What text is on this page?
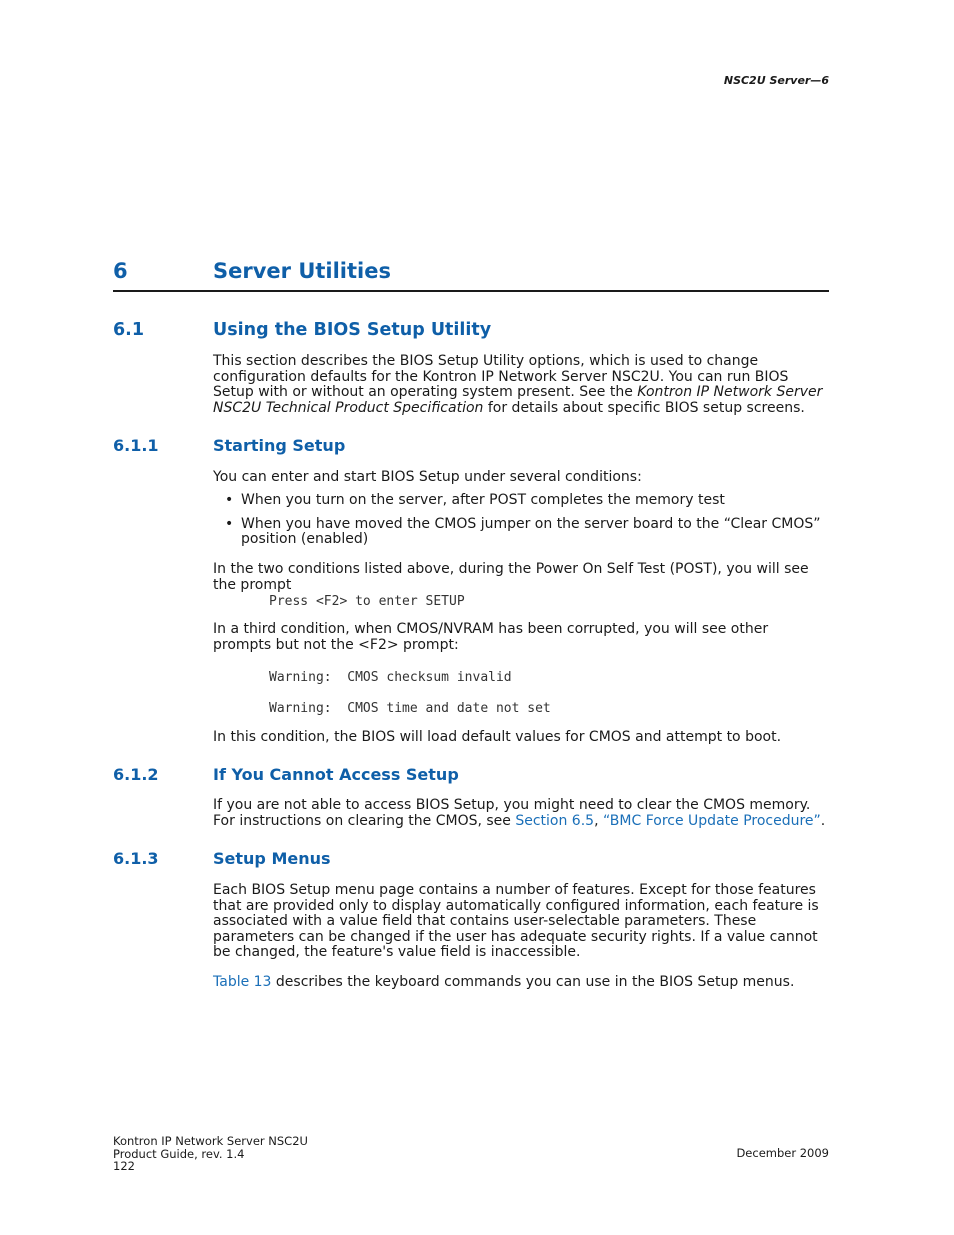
NSC2U Server—6
6	Server Utilities
6.1	Using the BIOS Setup Utility

This section describes the BIOS Setup Utility options, which is used to change configuration defaults for the Kontron IP Network Server NSC2U. You can run BIOS Setup with or without an operating system present. See the Kontron IP Network Server NSC2U Technical Product Specification for details about specific BIOS setup screens.

6.1.1	Starting Setup

You can enter and start BIOS Setup under several conditions:

• When you turn on the server, after POST completes the memory test
• When you have moved the CMOS jumper on the server board to the “Clear CMOS” position (enabled)

In the two conditions listed above, during the Power On Self Test (POST), you will see the prompt

Press <F2> to enter SETUP

In a third condition, when CMOS/NVRAM has been corrupted, you will see other prompts but not the <F2> prompt:

Warning:  CMOS checksum invalid
Warning:  CMOS time and date not set

In this condition, the BIOS will load default values for CMOS and attempt to boot.

6.1.2	If You Cannot Access Setup

If you are not able to access BIOS Setup, you might need to clear the CMOS memory. For instructions on clearing the CMOS, see Section 6.5, “BMC Force Update Procedure”.

6.1.3	Setup Menus

Each BIOS Setup menu page contains a number of features. Except for those features that are provided only to display automatically configured information, each feature is associated with a value field that contains user-selectable parameters. These parameters can be changed if the user has adequate security rights. If a value cannot be changed, the feature's value field is inaccessible.

Table 13 describes the keyboard commands you can use in the BIOS Setup menus.

Kontron IP Network Server NSC2U
Product Guide, rev. 1.4
122
December 2009
